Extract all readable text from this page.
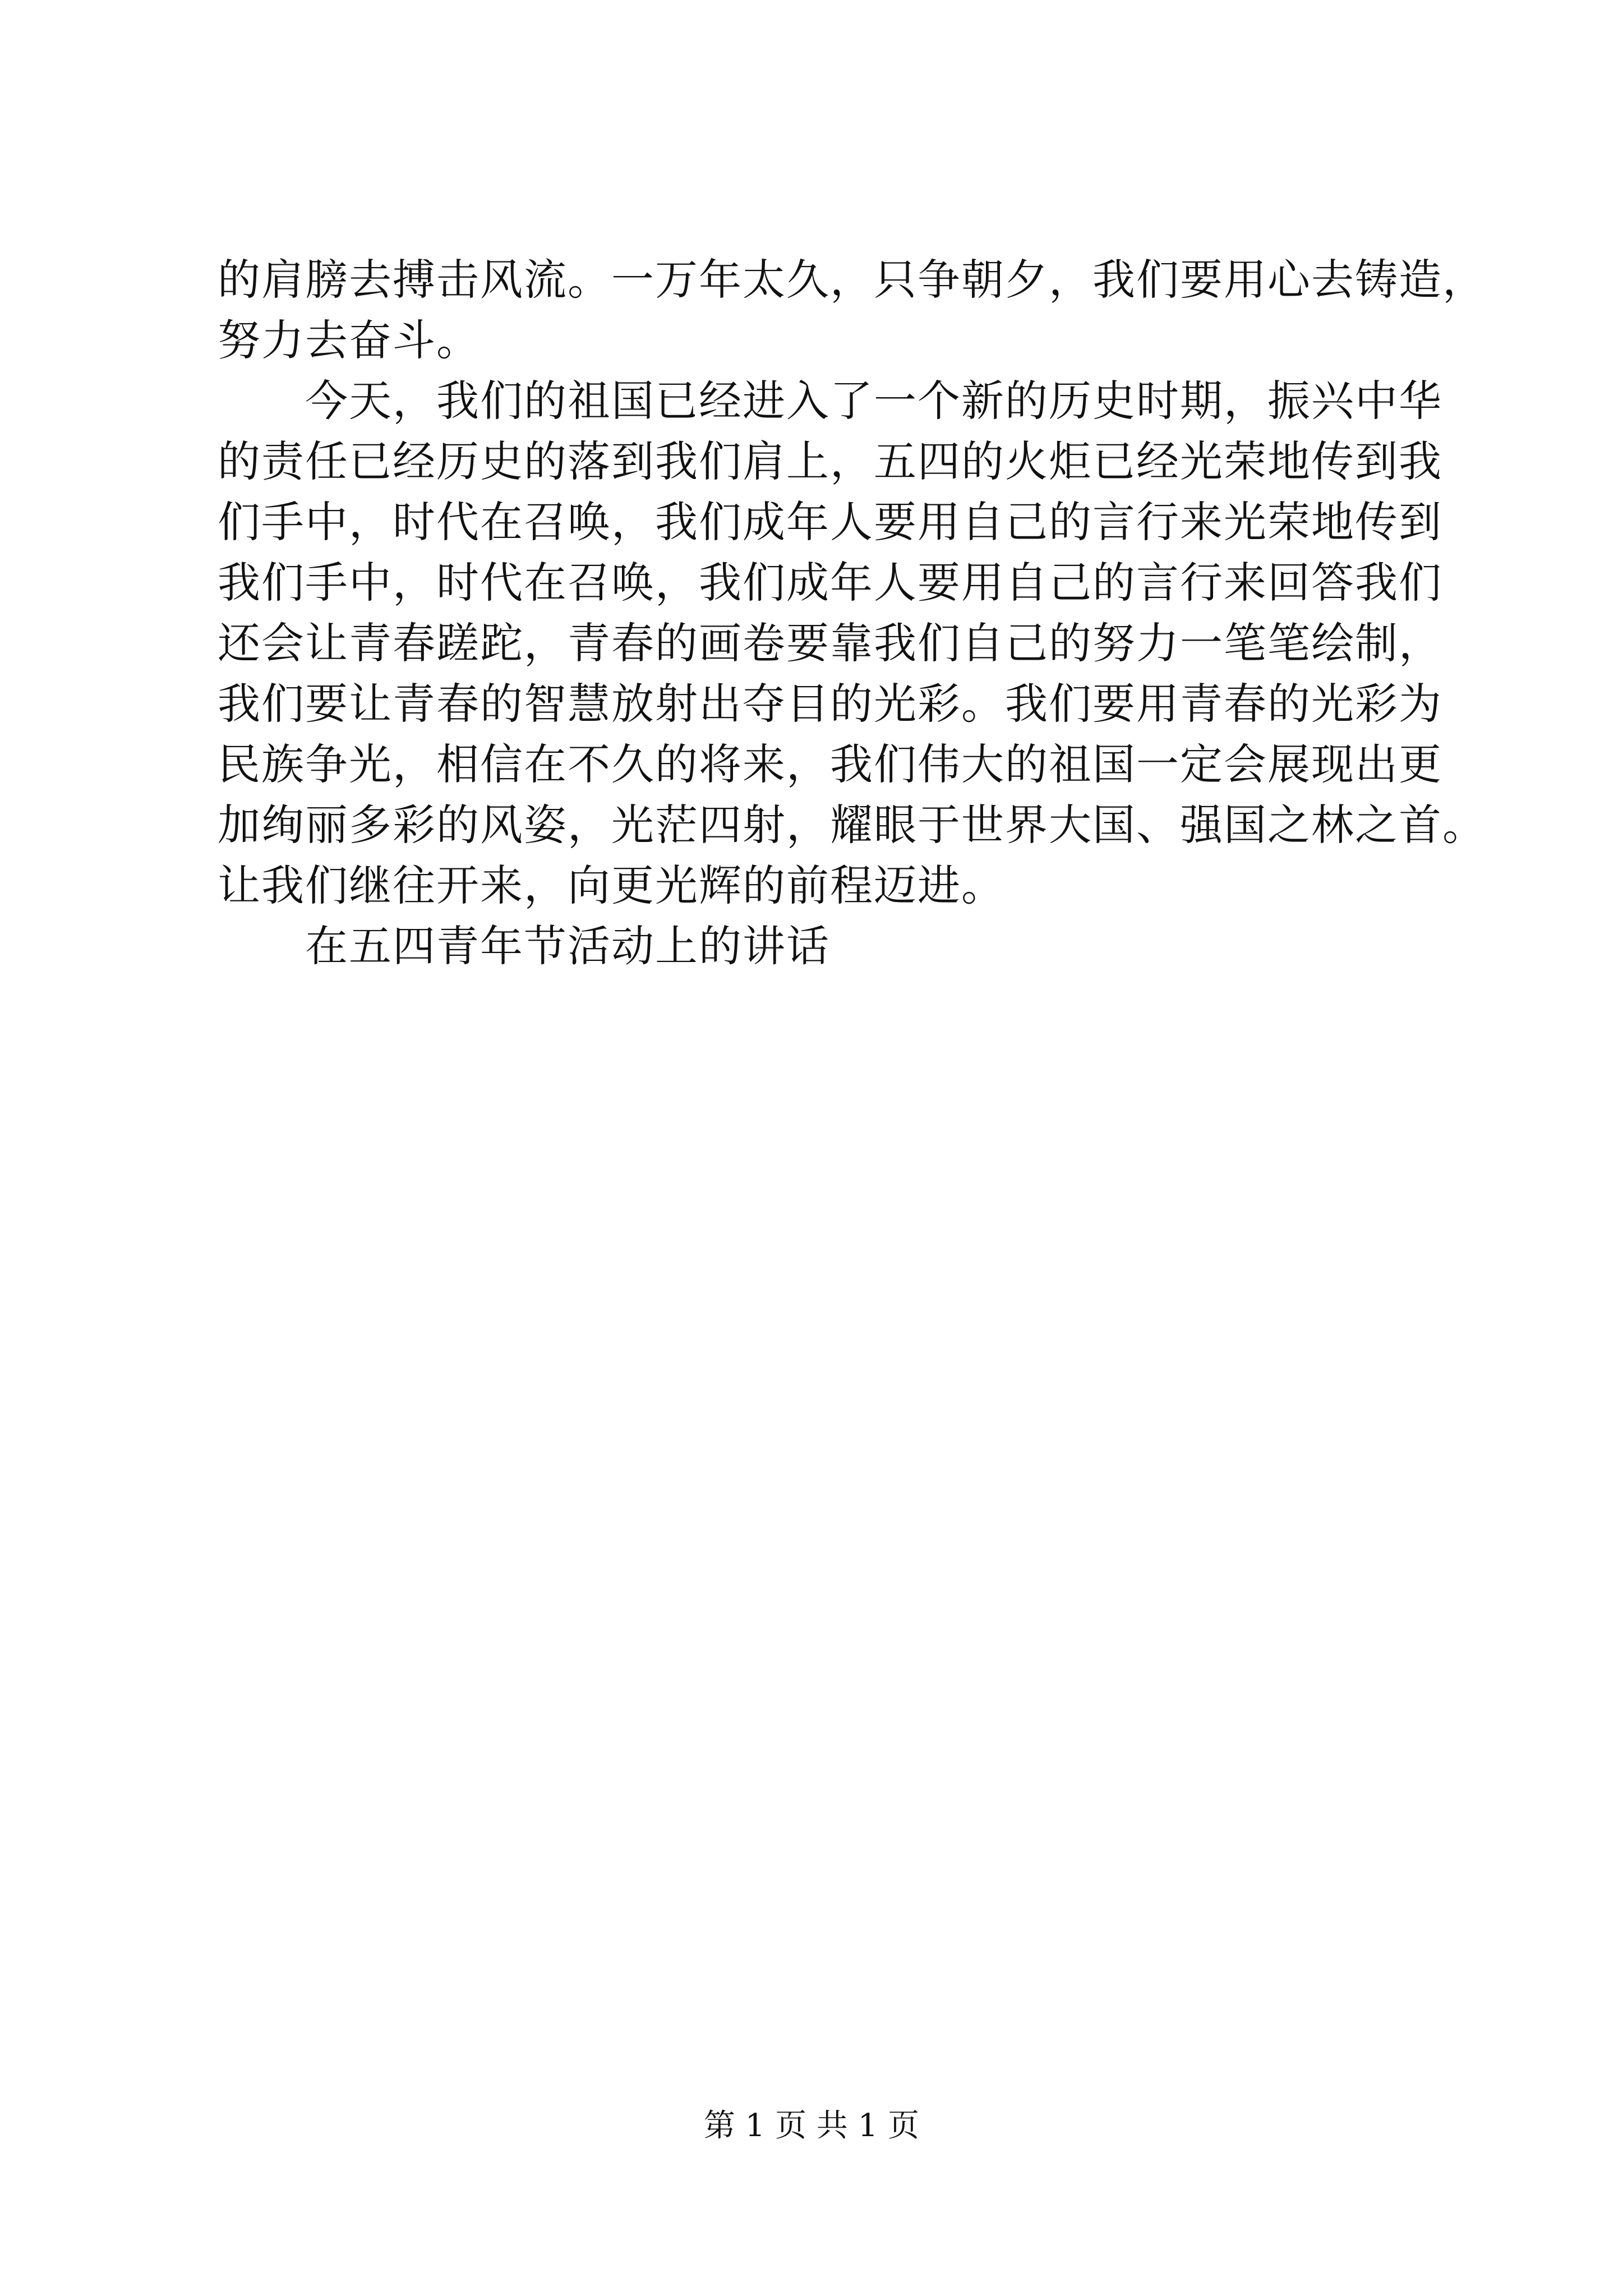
的肩膀去搏击风流。一万年太久，只争朝夕，我们要用心去铸造，
努力去奋斗。
　　今天，我们的祖国已经进入了一个新的历史时期，振兴中华
的责任已经历史的落到我们肩上，五四的火炬已经光荣地传到我
们手中，时代在召唤，我们成年人要用自己的言行来光荣地传到
我们手中，时代在召唤，我们成年人要用自己的言行来回答我们
还会让青春蹉跎，青春的画卷要靠我们自己的努力一笔笔绘制，
我们要让青春的智慧放射出夺目的光彩。我们要用青春的光彩为
民族争光，相信在不久的将来，我们伟大的祖国一定会展现出更
加绚丽多彩的风姿，光茫四射，耀眼于世界大国、强国之林之首。
让我们继往开来，向更光辉的前程迈进。
　　在五四青年节活动上的讲话
第 1 页 共 1 页
